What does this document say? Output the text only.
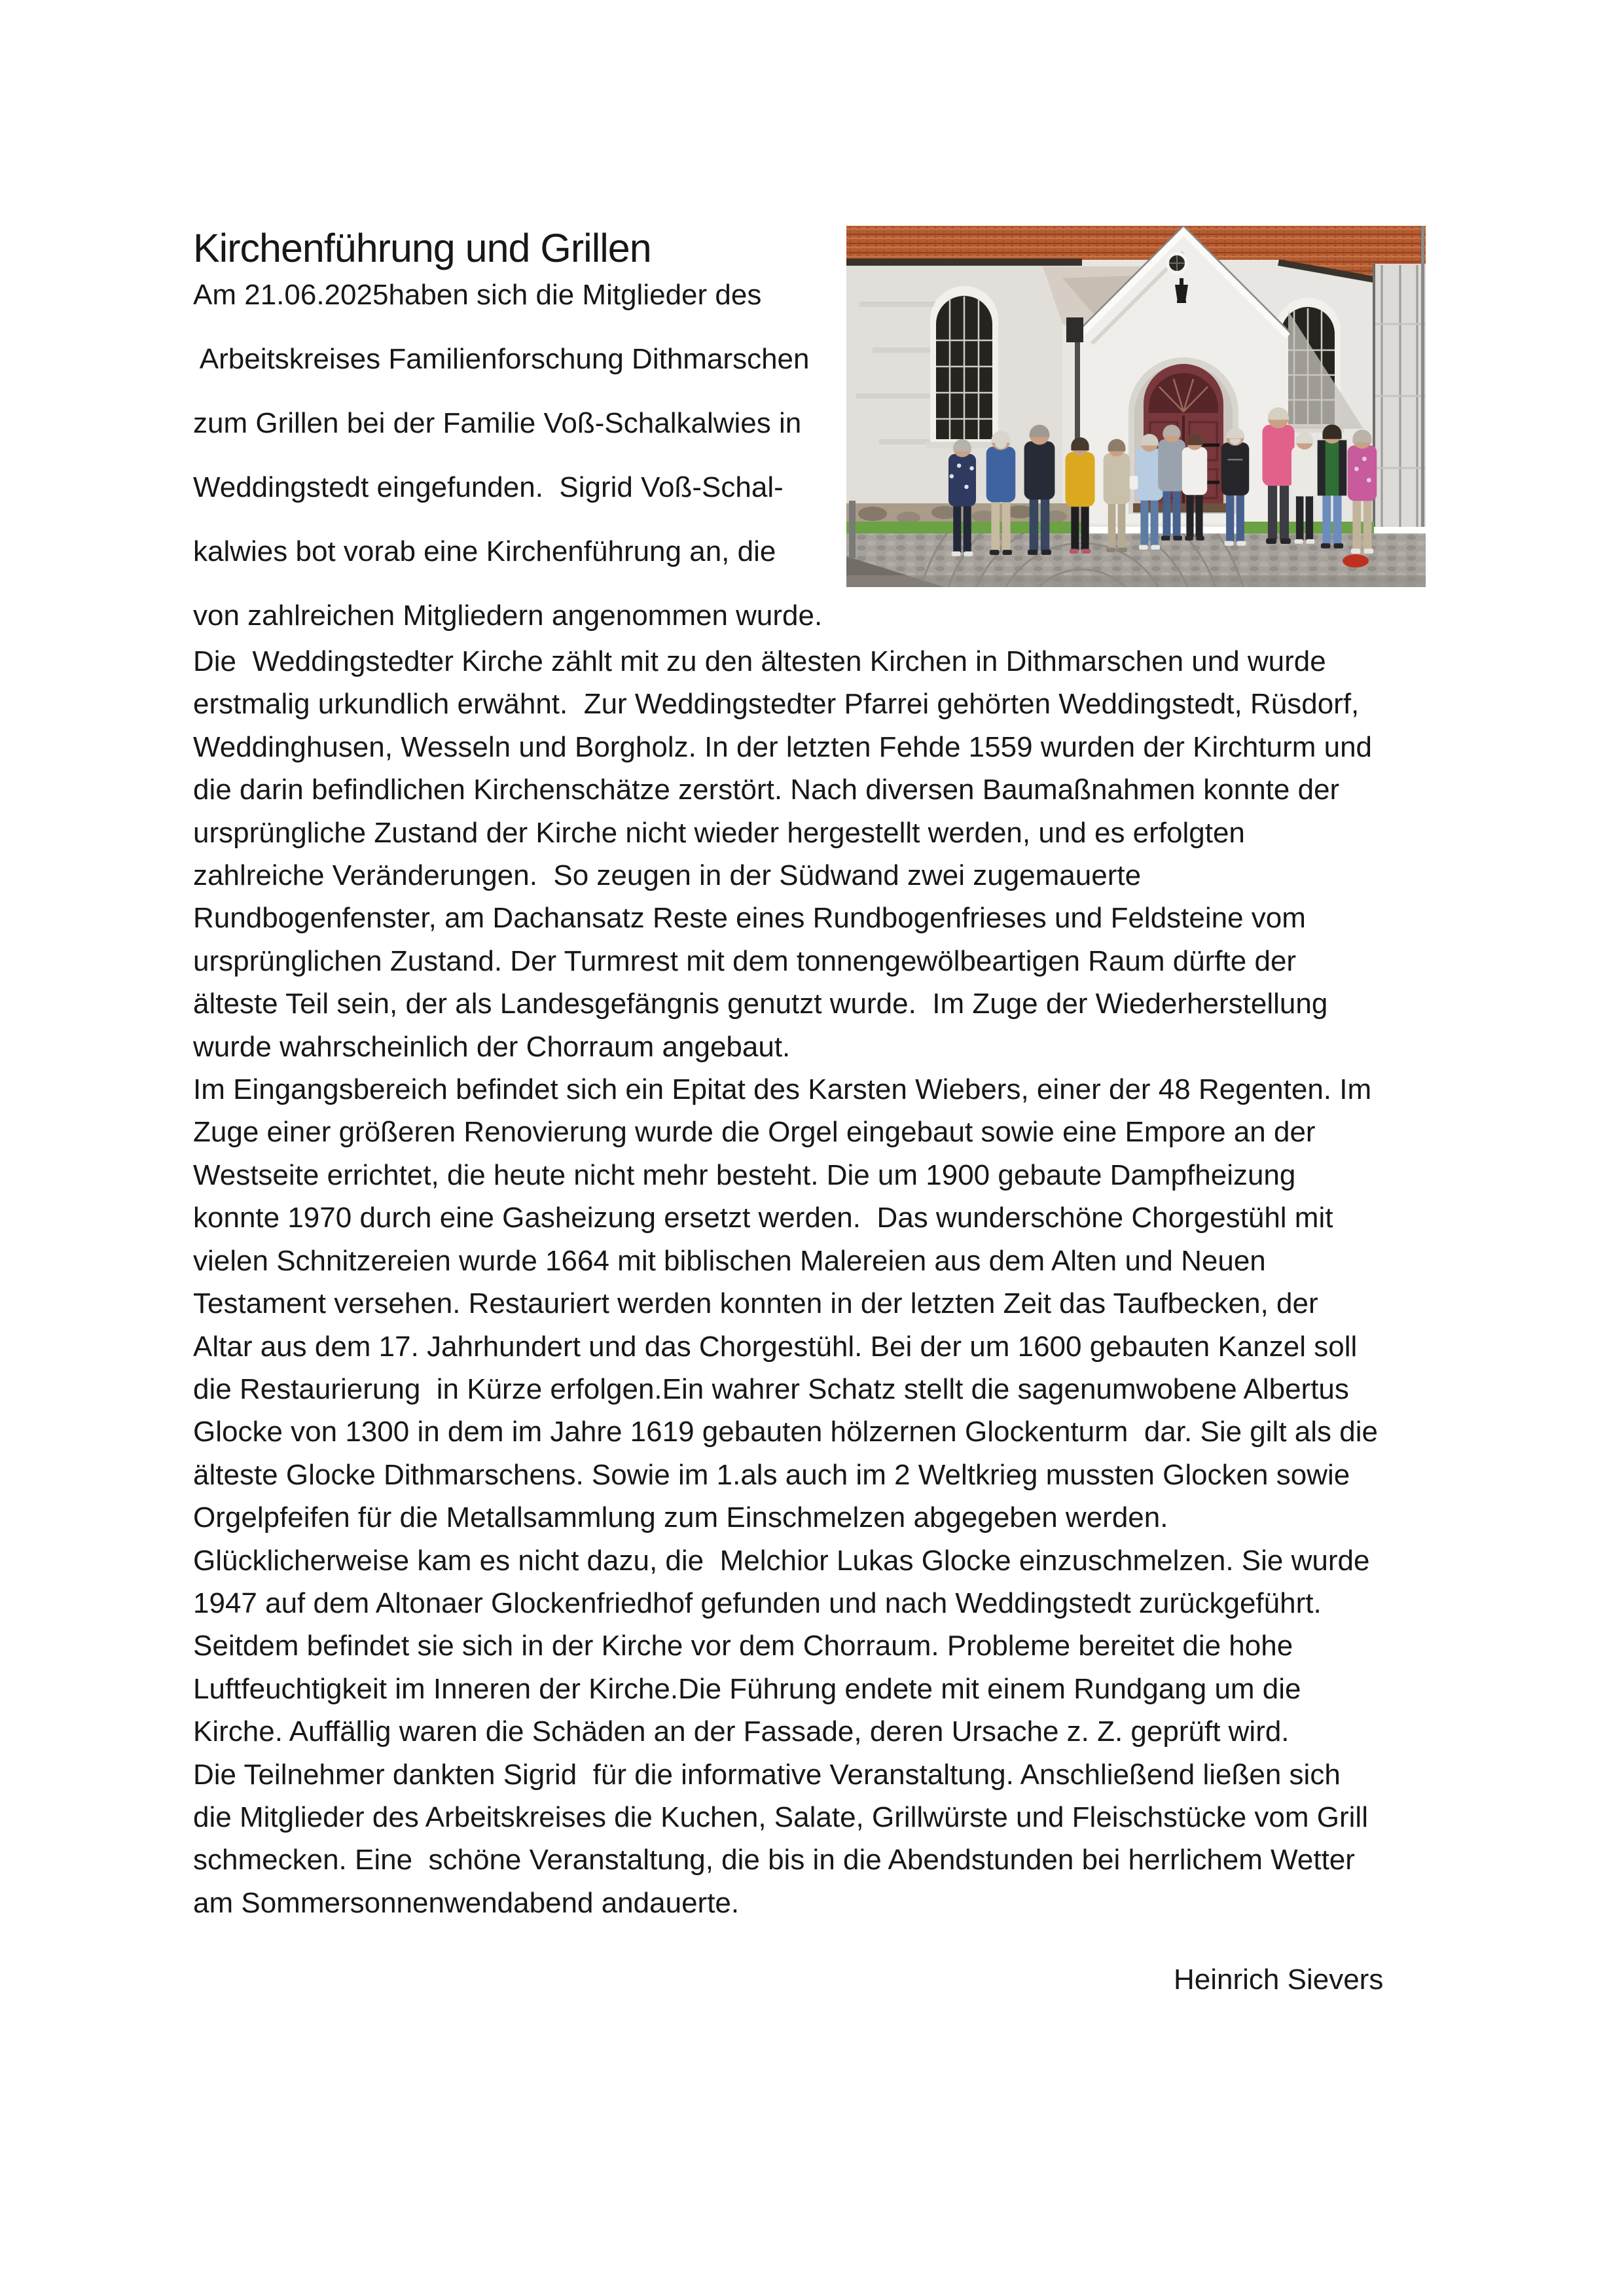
Kirchenführung und Grillen
Am 21.06.2025haben sich die Mitglieder des
Arbeitskreises Familienforschung Dithmarschen
zum Grillen bei der Familie Voß-Schalkalwies in
Weddingstedt eingefunden.  Sigrid Voß-Schal-
kalwies bot vorab eine Kirchenführung an, die
von zahlreichen Mitgliedern angenommen wurde.
Die  Weddingstedter Kirche zählt mit zu den ältesten Kirchen in Dithmarschen und wurde
erstmalig urkundlich erwähnt.  Zur Weddingstedter Pfarrei gehörten Weddingstedt, Rüsdorf,
Weddinghusen, Wesseln und Borgholz. In der letzten Fehde 1559 wurden der Kirchturm und
die darin befindlichen Kirchenschätze zerstört. Nach diversen Baumaßnahmen konnte der
ursprüngliche Zustand der Kirche nicht wieder hergestellt werden, und es erfolgten
zahlreiche Veränderungen.  So zeugen in der Südwand zwei zugemauerte
Rundbogenfenster, am Dachansatz Reste eines Rundbogenfrieses und Feldsteine vom
ursprünglichen Zustand. Der Turmrest mit dem tonnengewölbeartigen Raum dürfte der
älteste Teil sein, der als Landesgefängnis genutzt wurde.  Im Zuge der Wiederherstellung
wurde wahrscheinlich der Chorraum angebaut.
Im Eingangsbereich befindet sich ein Epitat des Karsten Wiebers, einer der 48 Regenten. Im
Zuge einer größeren Renovierung wurde die Orgel eingebaut sowie eine Empore an der
Westseite errichtet, die heute nicht mehr besteht. Die um 1900 gebaute Dampfheizung
konnte 1970 durch eine Gasheizung ersetzt werden.  Das wunderschöne Chorgestühl mit
vielen Schnitzereien wurde 1664 mit biblischen Malereien aus dem Alten und Neuen
Testament versehen. Restauriert werden konnten in der letzten Zeit das Taufbecken, der
Altar aus dem 17. Jahrhundert und das Chorgestühl. Bei der um 1600 gebauten Kanzel soll
die Restaurierung  in Kürze erfolgen.Ein wahrer Schatz stellt die sagenumwobene Albertus
Glocke von 1300 in dem im Jahre 1619 gebauten hölzernen Glockenturm  dar. Sie gilt als die
älteste Glocke Dithmarschens. Sowie im 1.als auch im 2 Weltkrieg mussten Glocken sowie
Orgelpfeifen für die Metallsammlung zum Einschmelzen abgegeben werden.
Glücklicherweise kam es nicht dazu, die  Melchior Lukas Glocke einzuschmelzen. Sie wurde
1947 auf dem Altonaer Glockenfriedhof gefunden und nach Weddingstedt zurückgeführt.
Seitdem befindet sie sich in der Kirche vor dem Chorraum. Probleme bereitet die hohe
Luftfeuchtigkeit im Inneren der Kirche.Die Führung endete mit einem Rundgang um die
Kirche. Auffällig waren die Schäden an der Fassade, deren Ursache z. Z. geprüft wird.
Die Teilnehmer dankten Sigrid  für die informative Veranstaltung. Anschließend ließen sich
die Mitglieder des Arbeitskreises die Kuchen, Salate, Grillwürste und Fleischstücke vom Grill
schmecken. Eine  schöne Veranstaltung, die bis in die Abendstunden bei herrlichem Wetter
am Sommersonnenwendabend andauerte.
Heinrich Sievers
